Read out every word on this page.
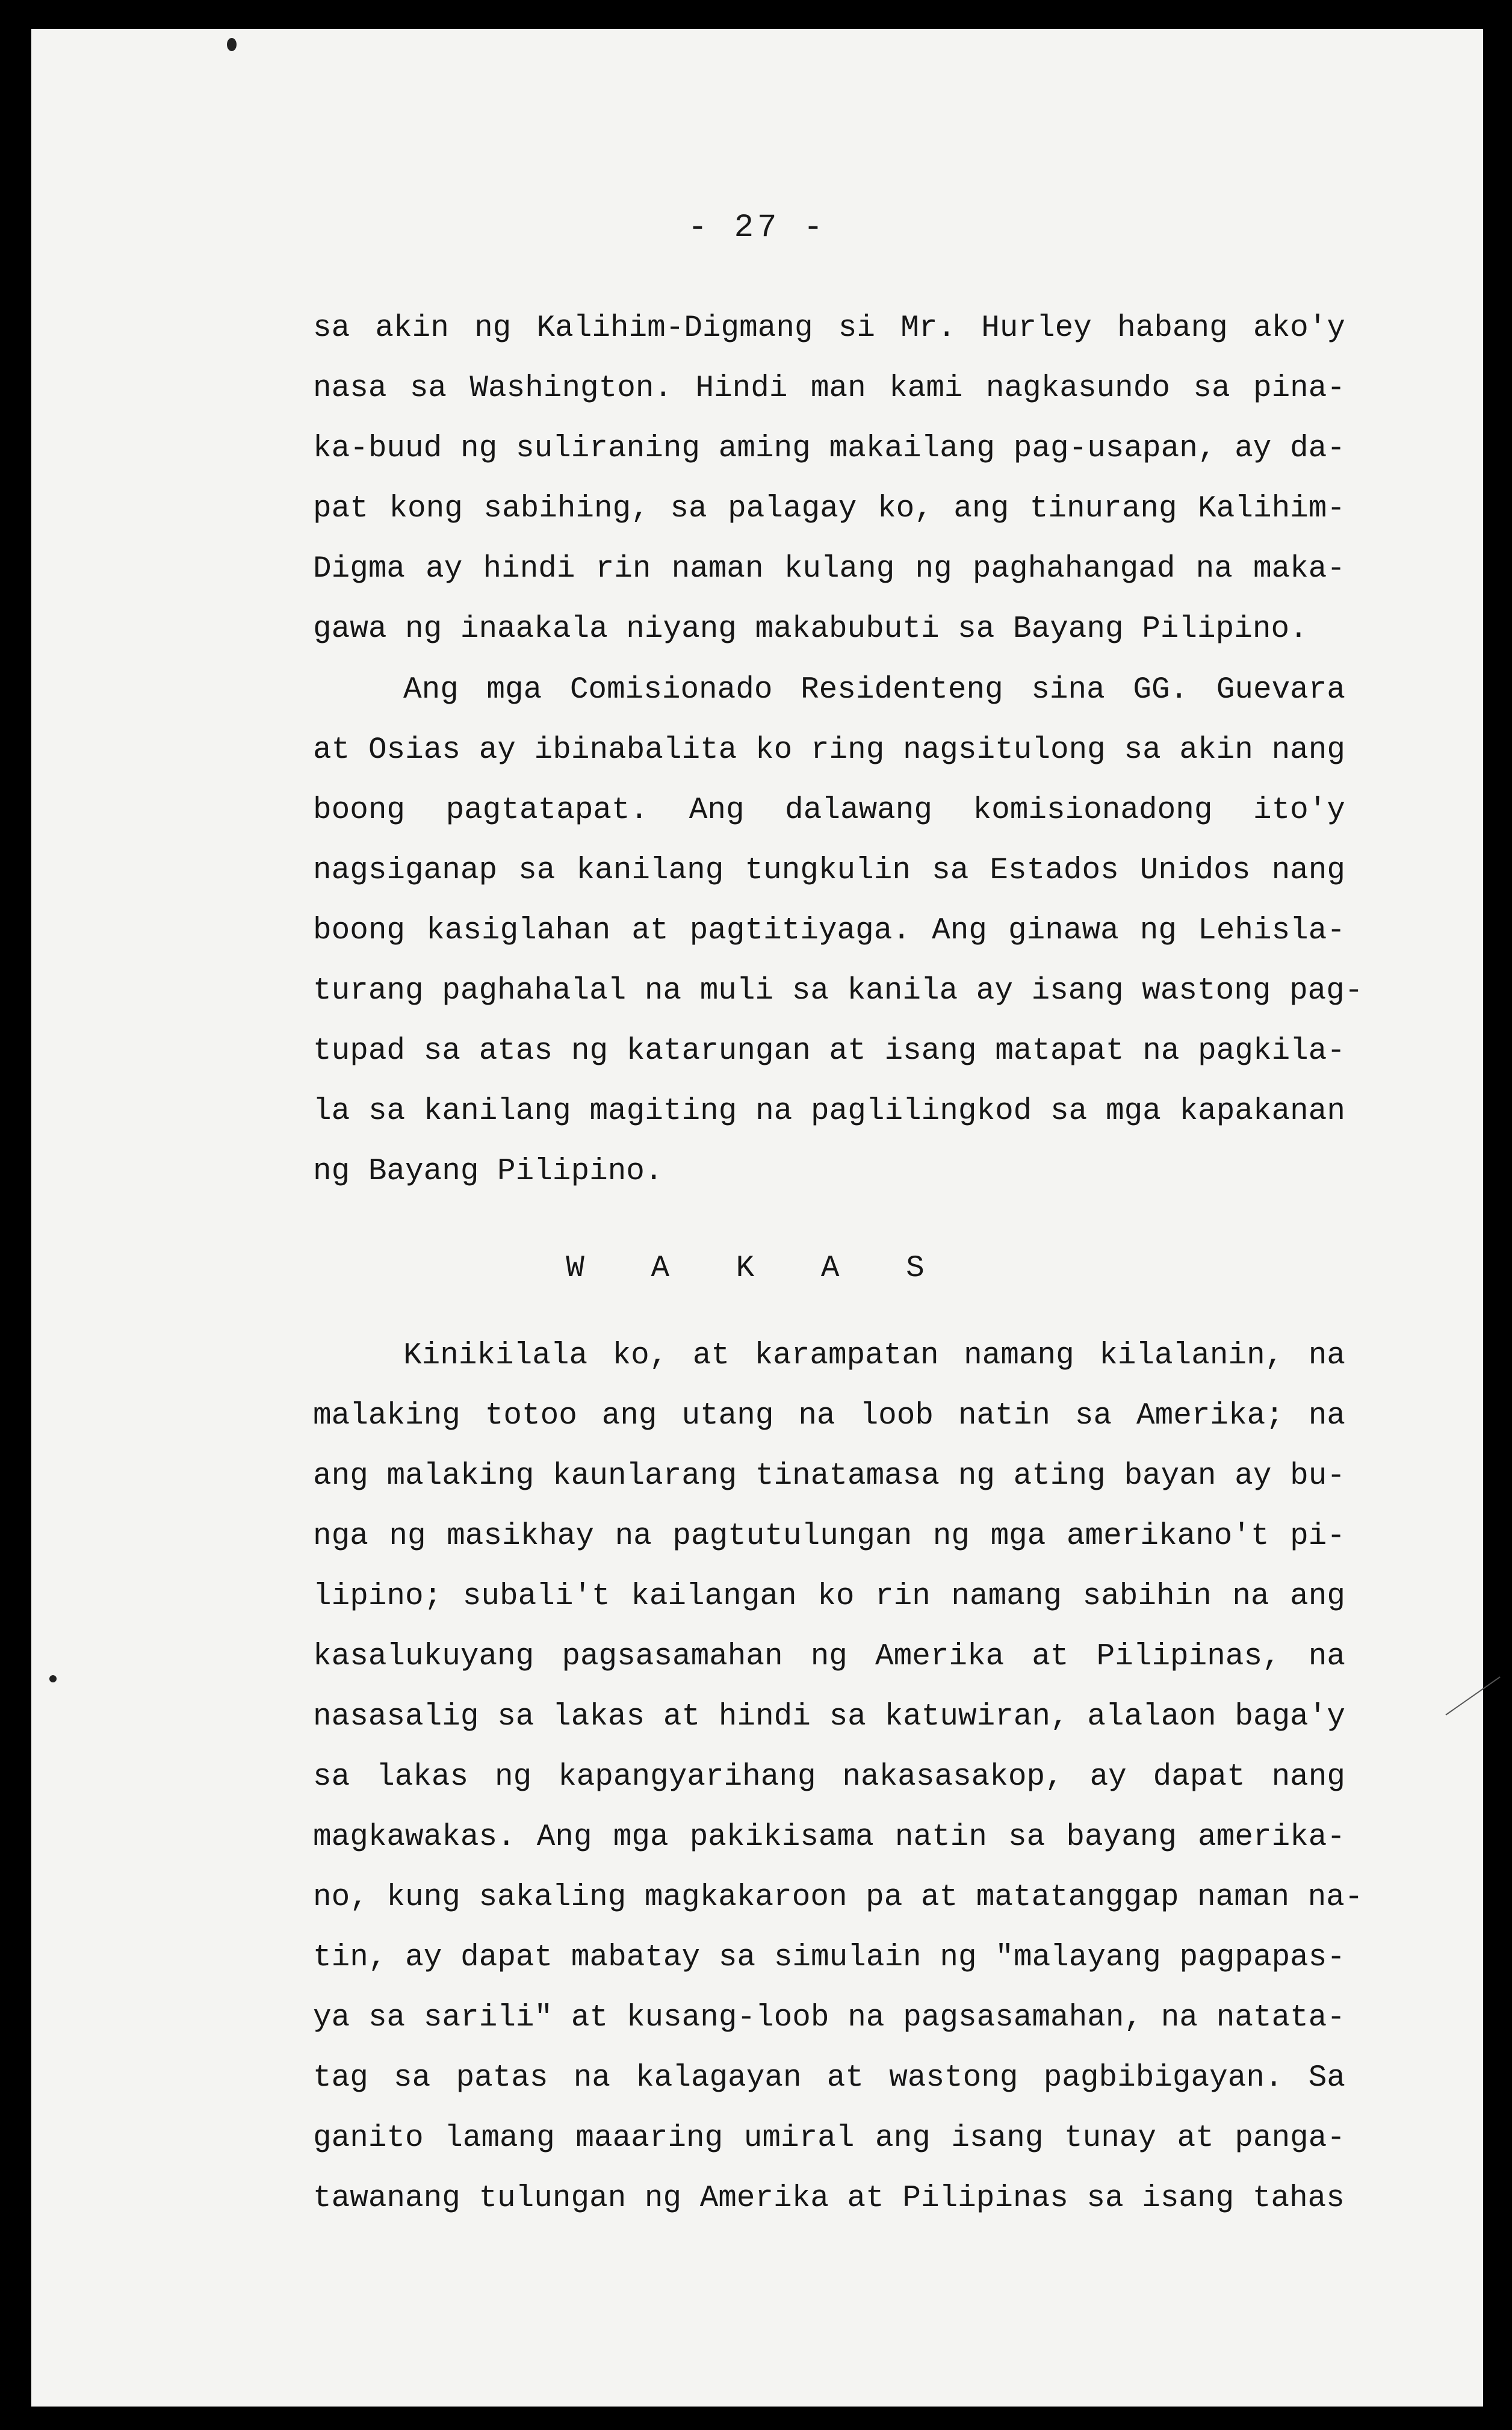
- 27 -
sa akin ng Kalihim-Digmang si Mr. Hurley habang ako'y
nasa sa Washington. Hindi man kami nagkasundo sa pina-
ka-buud ng suliraning aming makailang pag-usapan, ay da-
pat kong sabihing, sa palagay ko, ang tinurang Kalihim-
Digma ay hindi rin naman kulang ng paghahangad na maka-
gawa ng inaakala niyang makabubuti sa Bayang Pilipino.
Ang mga Comisionado Residenteng sina GG. Guevara
at Osias ay ibinabalita ko ring nagsitulong sa akin nang
boong pagtatapat. Ang dalawang komisionadong ito'y
nagsiganap sa kanilang tungkulin sa Estados Unidos nang
boong kasiglahan at pagtitiyaga. Ang ginawa ng Lehisla-
turang paghahalal na muli sa kanila ay isang wastong pag-
tupad sa atas ng katarungan at isang matapat na pagkila-
la sa kanilang magiting na paglilingkod sa mga kapakanan
ng Bayang Pilipino.
W A K A S
Kinikilala ko, at karampatan namang kilalanin, na
malaking totoo ang utang na loob natin sa Amerika; na
ang malaking kaunlarang tinatamasa ng ating bayan ay bu-
nga ng masikhay na pagtutulungan ng mga amerikano't pi-
lipino; subali't kailangan ko rin namang sabihin na ang
kasalukuyang pagsasamahan ng Amerika at Pilipinas, na
nasasalig sa lakas at hindi sa katuwiran, alalaon baga'y
sa lakas ng kapangyarihang nakasasakop, ay dapat nang
magkawakas. Ang mga pakikisama natin sa bayang amerika-
no, kung sakaling magkakaroon pa at matatanggap naman na-
tin, ay dapat mabatay sa simulain ng "malayang pagpapas-
ya sa sarili" at kusang-loob na pagsasamahan, na natata-
tag sa patas na kalagayan at wastong pagbibigayan. Sa
ganito lamang maaaring umiral ang isang tunay at panga-
tawanang tulungan ng Amerika at Pilipinas sa isang tahas
